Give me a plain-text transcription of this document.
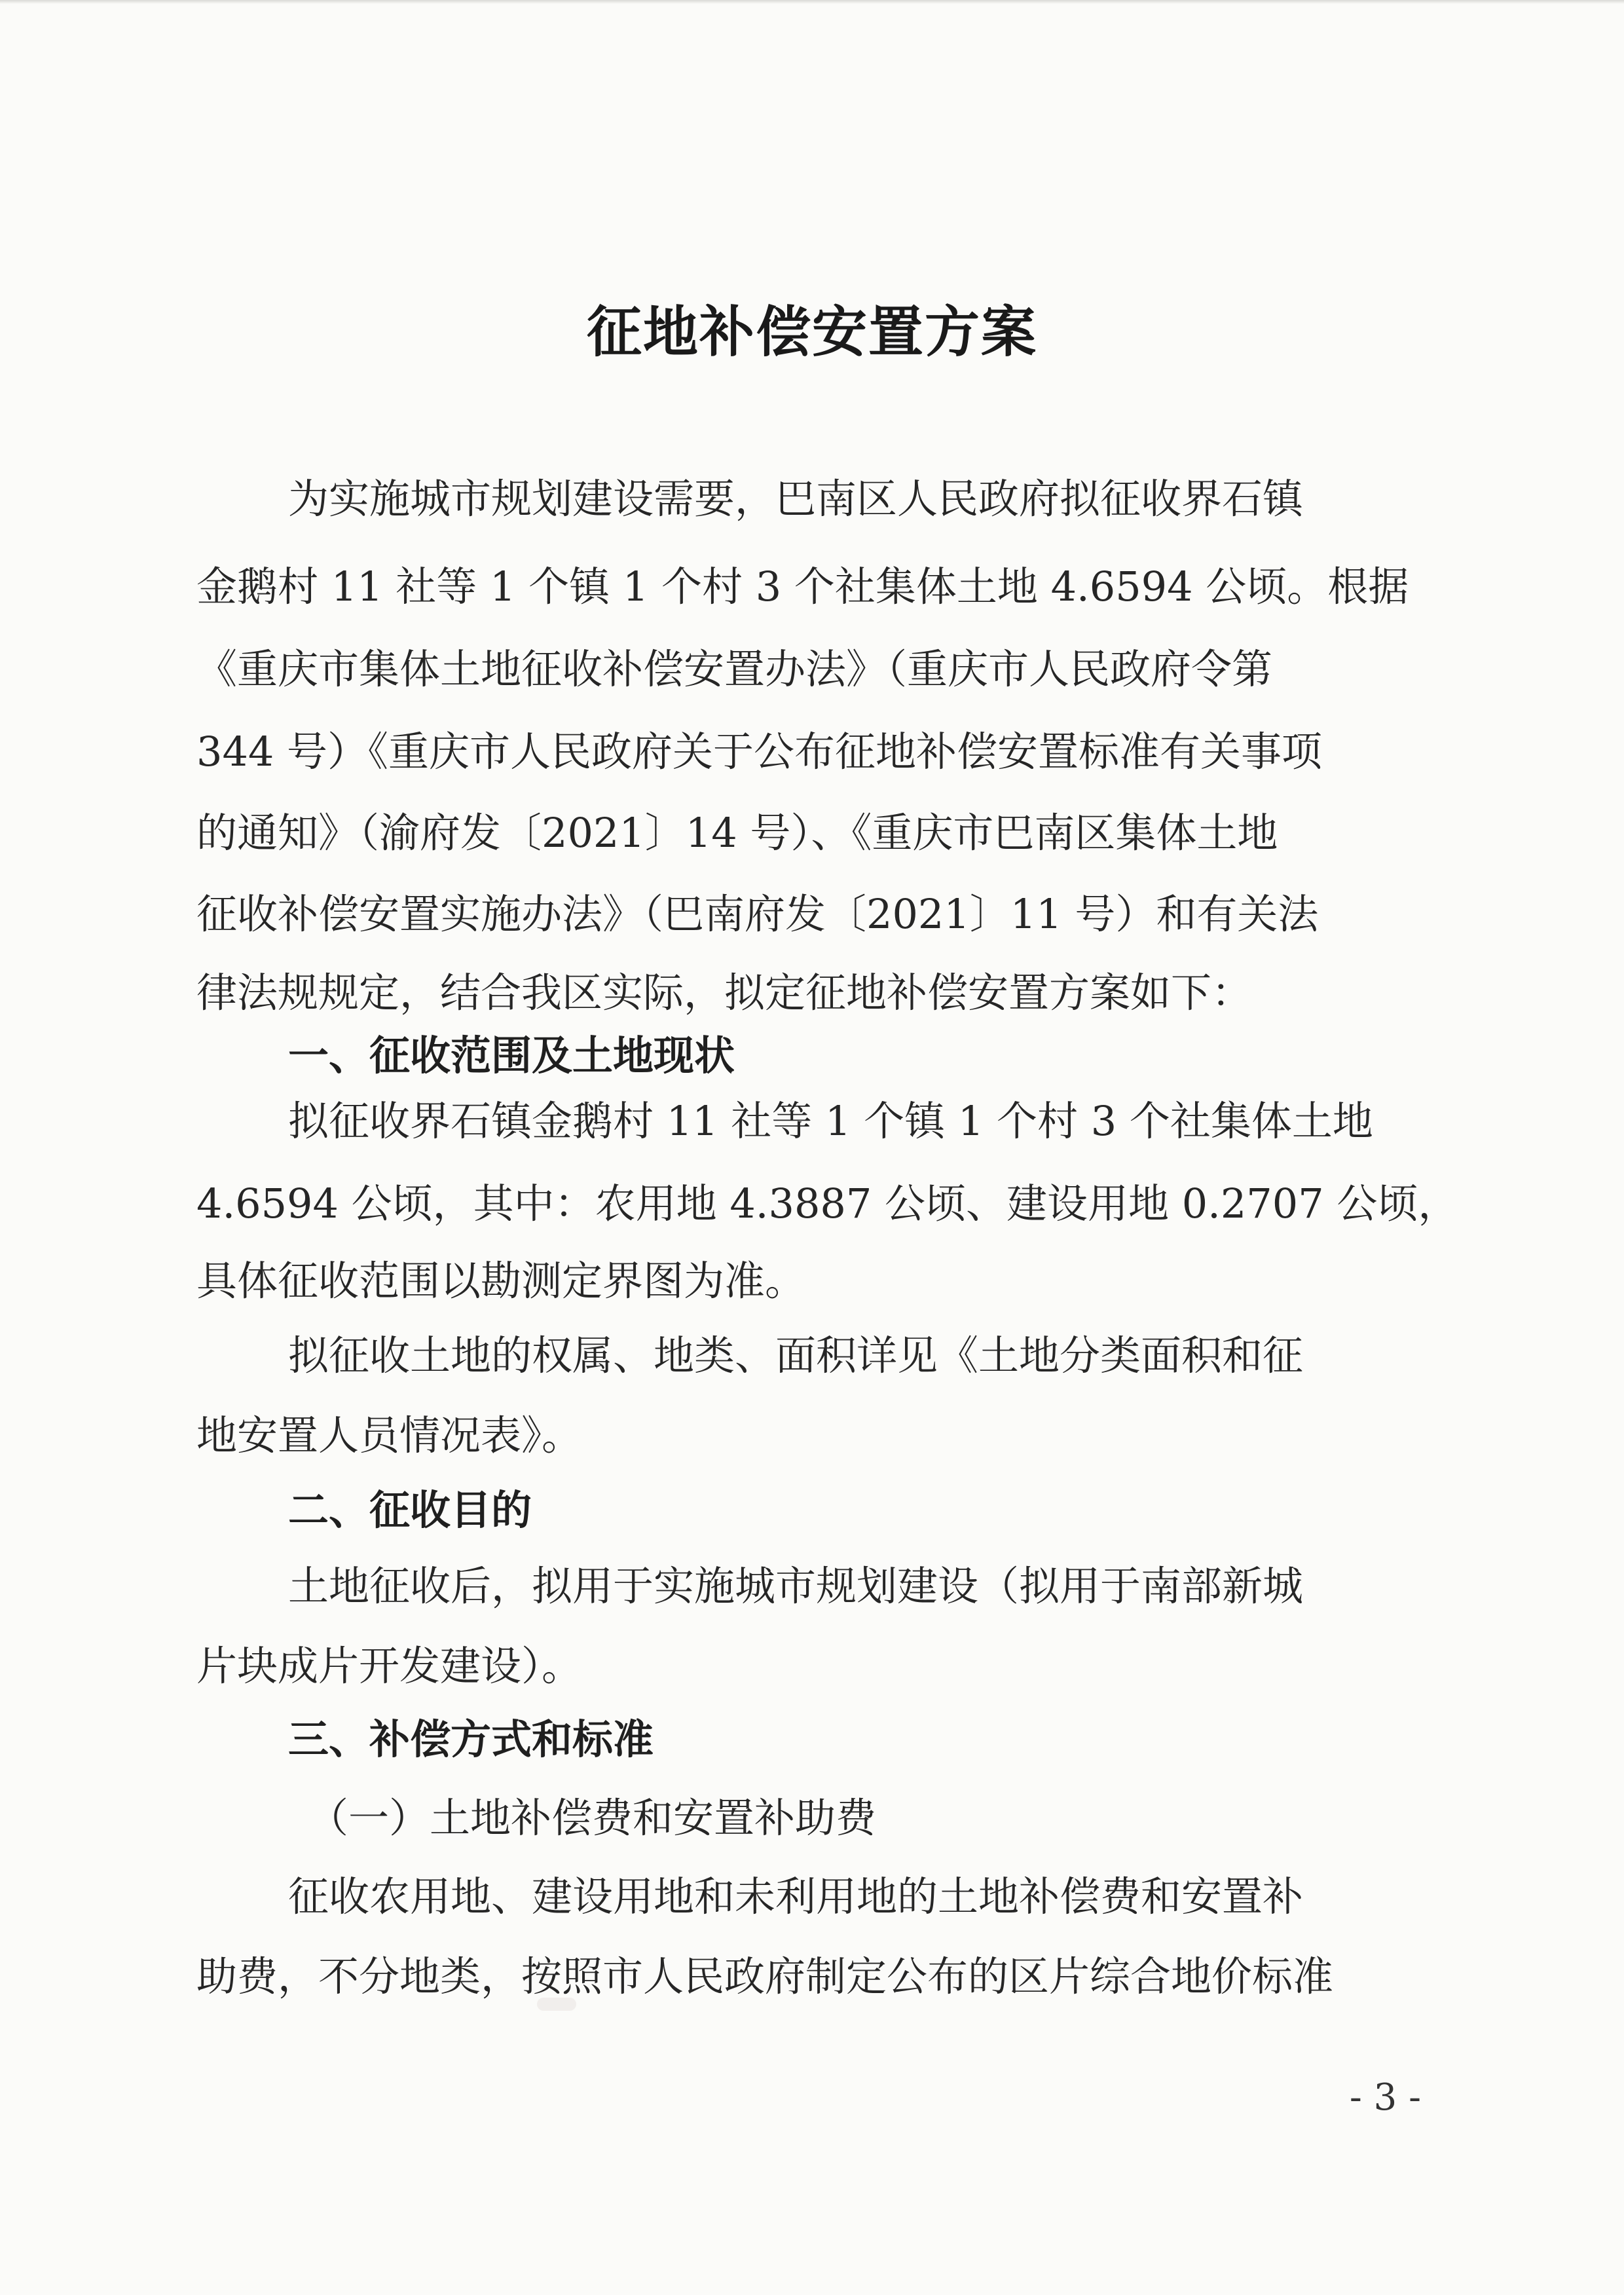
征地补偿安置方案
为实施城市规划建设需要，巴南区人民政府拟征收界石镇
金鹅村 11 社等 1 个镇 1 个村 3 个社集体土地 4.6594 公顷。根据
《重庆市集体土地征收补偿安置办法》（重庆市人民政府令第
344 号）《重庆市人民政府关于公布征地补偿安置标准有关事项
的通知》（渝府发〔2021〕14 号）、《重庆市巴南区集体土地
征收补偿安置实施办法》（巴南府发〔2021〕11 号）和有关法
律法规规定，结合我区实际，拟定征地补偿安置方案如下：
一、征收范围及土地现状
拟征收界石镇金鹅村 11 社等 1 个镇 1 个村 3 个社集体土地
4.6594 公顷，其中：农用地 4.3887 公顷、建设用地 0.2707 公顷，
具体征收范围以勘测定界图为准。
拟征收土地的权属、地类、面积详见《土地分类面积和征
地安置人员情况表》。
二、征收目的
土地征收后，拟用于实施城市规划建设（拟用于南部新城
片块成片开发建设）。
三、补偿方式和标准
（一）土地补偿费和安置补助费
征收农用地、建设用地和未利用地的土地补偿费和安置补
助费，不分地类，按照市人民政府制定公布的区片综合地价标准
- 3 -
